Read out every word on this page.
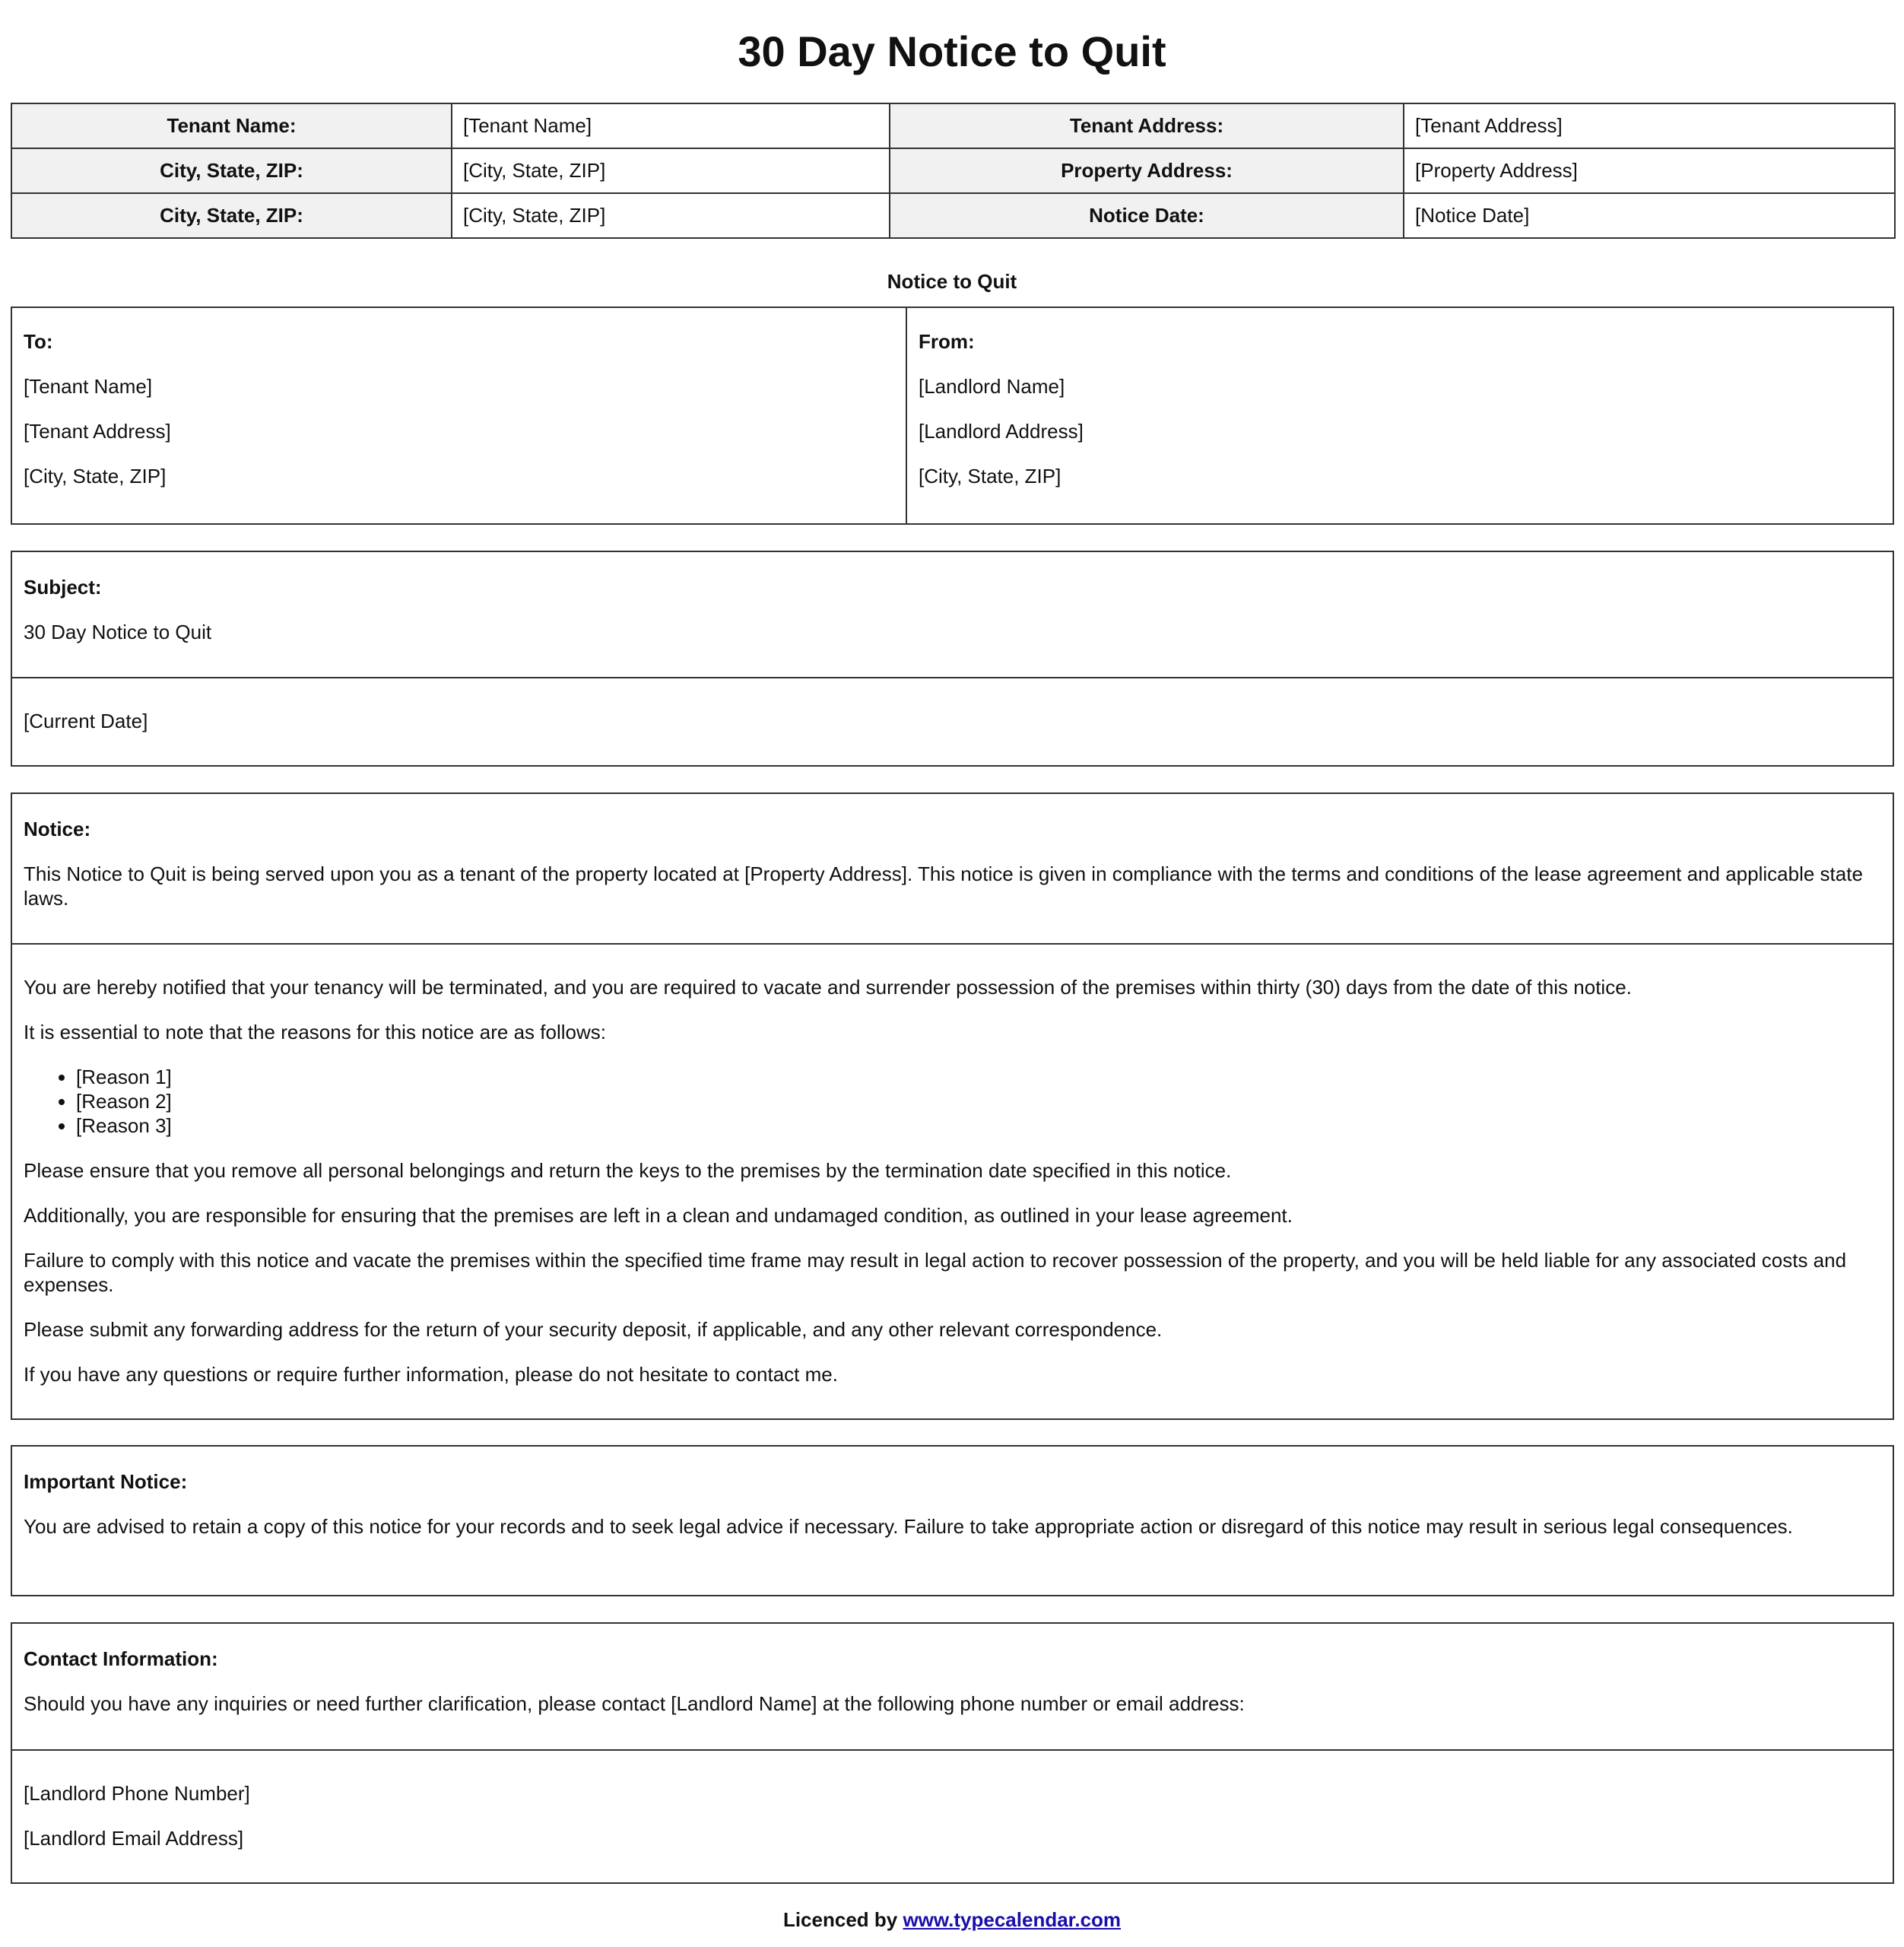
30 Day Notice to Quit
Tenant Name:	[Tenant Name]	Tenant Address:	[Tenant Address]
City, State, ZIP:	[City, State, ZIP]	Property Address:	[Property Address]
City, State, ZIP:	[City, State, ZIP]	Notice Date:	[Notice Date]
Notice to Quit

To:

[Tenant Name]

[Tenant Address]

[City, State, ZIP]

From:

[Landlord Name]

[Landlord Address]

[City, State, ZIP]

Subject:

30 Day Notice to Quit

[Current Date]

Notice:

This Notice to Quit is being served upon you as a tenant of the property located at [Property Address]. This notice is given in compliance with the terms and conditions of the lease agreement and applicable state laws.

You are hereby notified that your tenancy will be terminated, and you are required to vacate and surrender possession of the premises within thirty (30) days from the date of this notice.

It is essential to note that the reasons for this notice are as follows:

• [Reason 1]
• [Reason 2]
• [Reason 3]

Please ensure that you remove all personal belongings and return the keys to the premises by the termination date specified in this notice.

Additionally, you are responsible for ensuring that the premises are left in a clean and undamaged condition, as outlined in your lease agreement.

Failure to comply with this notice and vacate the premises within the specified time frame may result in legal action to recover possession of the property, and you will be held liable for any associated costs and expenses.

Please submit any forwarding address for the return of your security deposit, if applicable, and any other relevant correspondence.

If you have any questions or require further information, please do not hesitate to contact me.

Important Notice:

You are advised to retain a copy of this notice for your records and to seek legal advice if necessary. Failure to take appropriate action or disregard of this notice may result in serious legal consequences.

Contact Information:

Should you have any inquiries or need further clarification, please contact [Landlord Name] at the following phone number or email address:

[Landlord Phone Number]

[Landlord Email Address]

Licenced by www.typecalendar.com
